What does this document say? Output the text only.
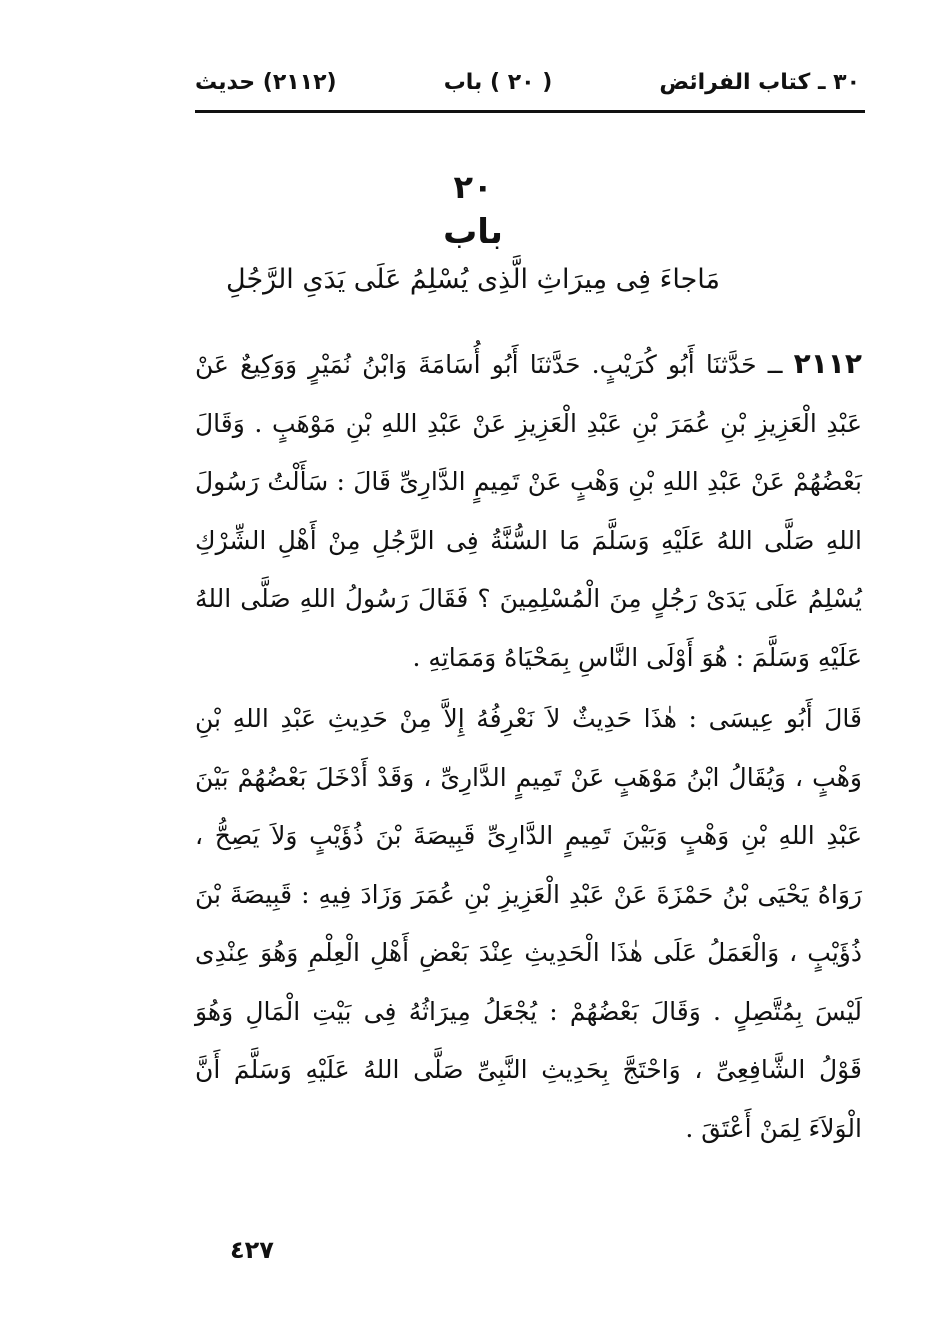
٣٠ ـ كتاب الفرائض
( ٢٠ ) باب
(٢١١٢) حديث
٢٠
باب
مَاجاءَ فِى مِيرَاثِ الَّذِى يُسْلِمُ عَلَى يَدَىِ الرَّجُلِ
٢١١٢ ــ حَدَّثنَا أَبُو كُرَيْبٍ. حَدَّثنَا أَبُو أُسَامَةَ وَابْنُ نُمَيْرٍ وَوَكِيعٌ عَنْ عَبْدِ الْعَزِيزِ بْنِ عُمَرَ بْنِ عَبْدِ الْعَزِيزِ عَنْ عَبْدِ اللهِ بْنِ مَوْهَبٍ . وَقَالَ بَعْضُهُمْ عَنْ عَبْدِ اللهِ بْنِ وَهْبٍ عَنْ تَمِيمٍ الدَّارِىِّ قَالَ : سَأَلْتُ رَسُولَ اللهِ صَلَّى اللهُ عَلَيْهِ وَسَلَّمَ مَا السُّنَّةُ فِى الرَّجُلِ مِنْ أَهْلِ الشِّرْكِ يُسْلِمُ عَلَى يَدَىْ رَجُلٍ مِنَ الْمُسْلِمِينَ ؟ فَقَالَ رَسُولُ اللهِ صَلَّى اللهُ عَلَيْهِ وَسَلَّمَ : هُوَ أَوْلَى النَّاسِ بِمَحْيَاهُ وَمَمَاتِهِ .
قَالَ أَبُو عِيسَى : هٰذَا حَدِيثٌ لاَ نَعْرِفُهُ إِلاَّ مِنْ حَدِيثِ عَبْدِ اللهِ بْنِ وَهْبٍ ، وَيُقَالُ ابْنُ مَوْهَبٍ عَنْ تَمِيمٍ الدَّارِىِّ ، وَقَدْ أَدْخَلَ بَعْضُهُمْ بَيْنَ عَبْدِ اللهِ بْنِ وَهْبٍ وَبَيْنَ تَمِيمٍ الدَّارِىِّ قَبِيصَةَ بْنَ ذُؤَيْبٍ وَلاَ يَصِحُّ ، رَوَاهُ يَحْيَى بْنُ حَمْزَةَ عَنْ عَبْدِ الْعَزِيزِ بْنِ عُمَرَ وَزَادَ فِيهِ : قَبِيصَةَ بْنَ ذُؤَيْبٍ ، وَالْعَمَلُ عَلَى هٰذَا الْحَدِيثِ عِنْدَ بَعْضِ أَهْلِ الْعِلْمِ وَهُوَ عِنْدِى لَيْسَ بِمُتَّصِلٍ . وَقَالَ بَعْضُهُمْ : يُجْعَلُ مِيرَاثُهُ فِى بَيْتِ الْمَالِ وَهُوَ قَوْلُ الشَّافِعِىِّ ، وَاحْتَجَّ بِحَدِيثِ النَّبِىِّ صَلَّى اللهُ عَلَيْهِ وَسَلَّمَ أَنَّ الْوَلاَءَ لِمَنْ أَعْتَقَ .
٤٢٧
